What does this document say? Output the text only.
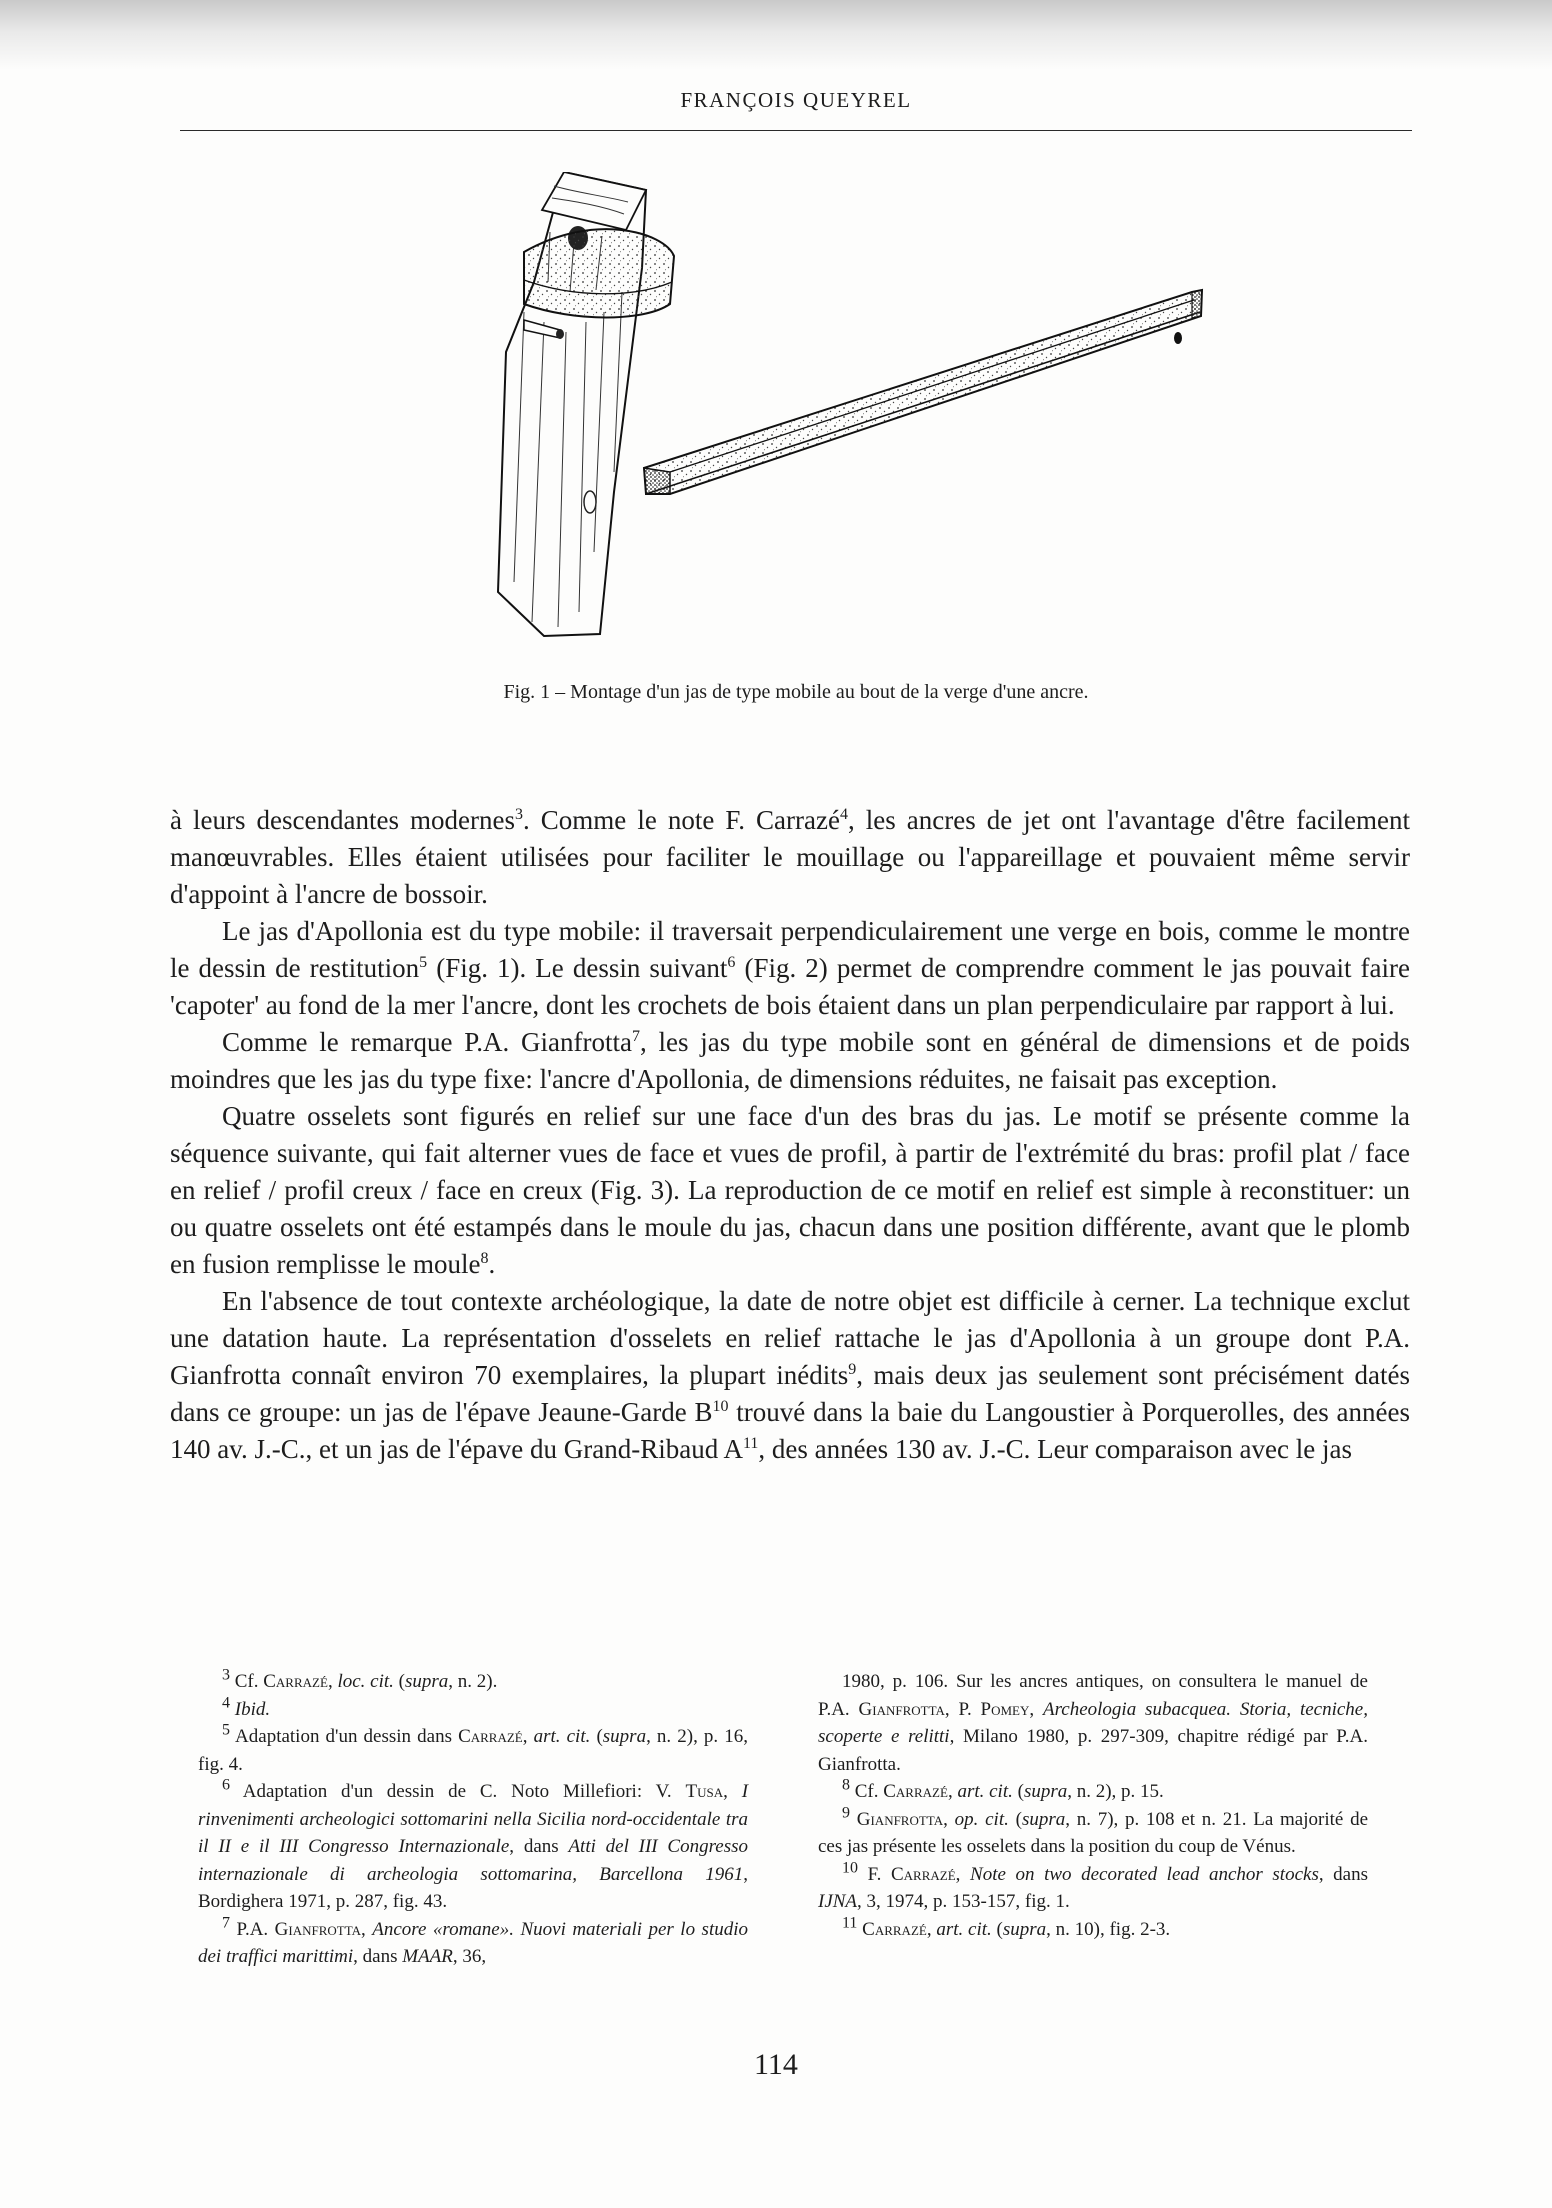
FRANÇOIS QUEYREL
Fig. 1 – Montage d'un jas de type mobile au bout de la verge d'une ancre.

à leurs descendantes modernes$^3$. Comme le note F. Carrazé$^4$, les ancres de jet ont l'avantage d'être facilement manœuvrables. Elles étaient utilisées pour faciliter le mouillage ou l'appareillage et pouvaient même servir d'appoint à l'ancre de bossoir.

Le jas d'Apollonia est du type mobile: il traversait perpendiculairement une verge en bois, comme le montre le dessin de restitution$^5$ (Fig. 1). Le dessin suivant$^6$ (Fig. 2) permet de comprendre comment le jas pouvait faire 'capoter' au fond de la mer l'ancre, dont les crochets de bois étaient dans un plan perpendiculaire par rapport à lui.

Comme le remarque P.A. Gianfrotta$^7$, les jas du type mobile sont en général de dimensions et de poids moindres que les jas du type fixe: l'ancre d'Apollonia, de dimensions réduites, ne faisait pas exception.

Quatre osselets sont figurés en relief sur une face d'un des bras du jas. Le motif se présente comme la séquence suivante, qui fait alterner vues de face et vues de profil, à partir de l'extrémité du bras: profil plat / face en relief / profil creux / face en creux (Fig. 3). La reproduction de ce motif en relief est simple à reconstituer: un ou quatre osselets ont été estampés dans le moule du jas, chacun dans une position différente, avant que le plomb en fusion remplisse le moule$^8$.

En l'absence de tout contexte archéologique, la date de notre objet est difficile à cerner. La technique exclut une datation haute. La représentation d'osselets en relief rattache le jas d'Apollonia à un groupe dont P.A. Gianfrotta connaît environ 70 exemplaires, la plupart inédits$^9$, mais deux jas seulement sont précisément datés dans ce groupe: un jas de l'épave Jeaune-Garde $B^{10}$ trouvé dans la baie du Langoustier à Porquerolles, des années 140 av. J.-C., et un jas de l'épave du Grand-Ribaud $A^{11}$, des années 130 av. J.-C. Leur comparaison avec le jas

$^3$ Cf. Carrazé, loc. cit. (supra, n. 2).

$^4$ Ibid.

$^5$ Adaptation d'un dessin dans Carrazé, art. cit. (supra, n. 2), p. 16, fig. 4.

$^6$ Adaptation d'un dessin de C. Noto Millefiori: V. Tusa, I rinvenimenti archeologici sottomarini nella Sicilia nord-occidentale tra il II e il III Congresso Internazionale, dans Atti del III Congresso internazionale di archeologia sottomarina, Barcellona 1961, Bordighera 1971, p. 287, fig. 43.

$^7$ P.A. Gianfrotta, Ancore «romane». Nuovi materiali per lo studio dei traffici marittimi, dans MAAR, 36,

1980, p. 106. Sur les ancres antiques, on consultera le manuel de P.A. Gianfrotta, P. Pomey, Archeologia subacquea. Storia, tecniche, scoperte e relitti, Milano 1980, p. 297-309, chapitre rédigé par P.A. Gianfrotta.

$^8$ Cf. Carrazé, art. cit. (supra, n. 2), p. 15.

$^9$ Gianfrotta, op. cit. (supra, n. 7), p. 108 et n. 21. La majorité de ces jas présente les osselets dans la position du coup de Vénus.

$^{10}$ F. Carrazé, Note on two decorated lead anchor stocks, dans IJNA, 3, 1974, p. 153-157, fig. 1.

$^{11}$ Carrazé, art. cit. (supra, n. 10), fig. 2-3.

114
